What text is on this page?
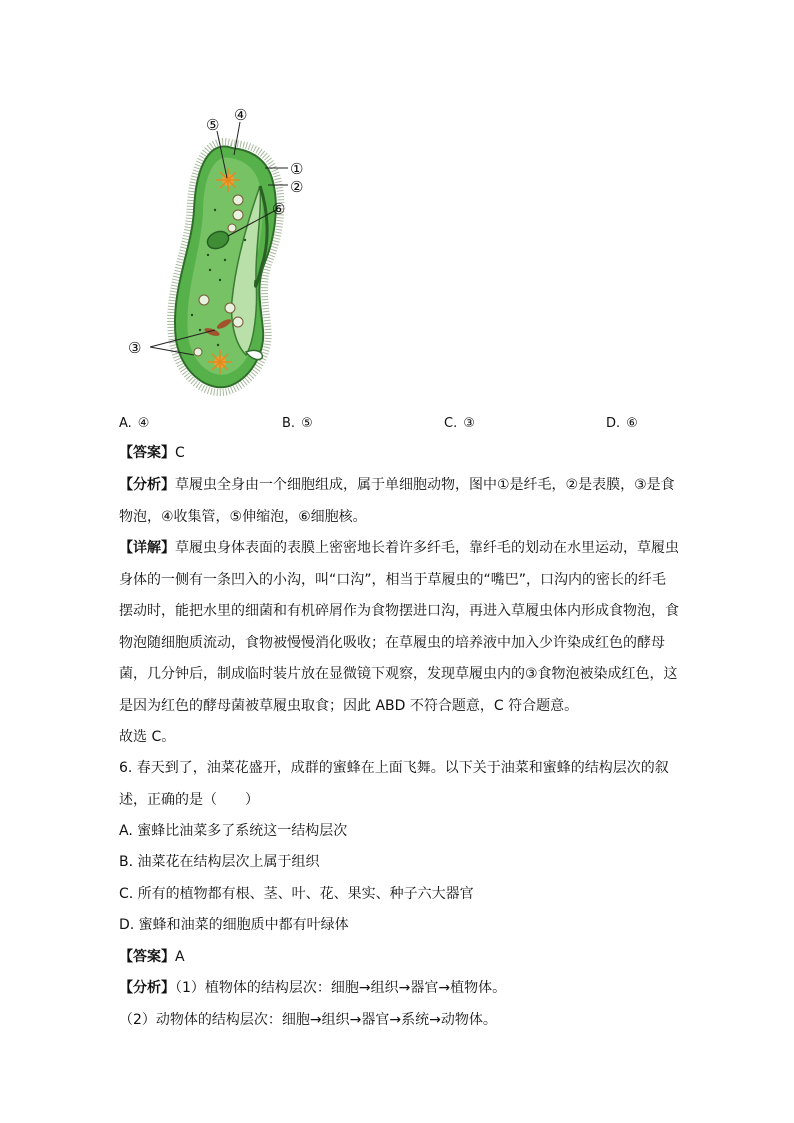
⑤
④
①
②
⑥
③
A. ④	B. ⑤	C. ③	D. ⑥

【答案】C

【分析】草履虫全身由一个细胞组成，属于单细胞动物，图中①是纤毛，②是表膜，③是食物泡，④收集管，⑤伸缩泡，⑥细胞核。

【详解】草履虫身体表面的表膜上密密地长着许多纤毛，靠纤毛的划动在水里运动，草履虫身体的一侧有一条凹入的小沟，叫“口沟”，相当于草履虫的“嘴巴”，口沟内的密长的纤毛摆动时，能把水里的细菌和有机碎屑作为食物摆进口沟，再进入草履虫体内形成食物泡，食物泡随细胞质流动，食物被慢慢消化吸收；在草履虫的培养液中加入少许染成红色的酵母菌，几分钟后，制成临时装片放在显微镜下观察，发现草履虫内的③食物泡被染成红色，这是因为红色的酵母菌被草履虫取食；因此 ABD 不符合题意，C 符合题意。

故选 C。

6. 春天到了，油菜花盛开，成群的蜜蜂在上面飞舞。以下关于油菜和蜜蜂的结构层次的叙述，正确的是（　　）

A. 蜜蜂比油菜多了系统这一结构层次

B. 油菜花在结构层次上属于组织

C. 所有的植物都有根、茎、叶、花、果实、种子六大器官

D. 蜜蜂和油菜的细胞质中都有叶绿体

【答案】A

【分析】（1）植物体的结构层次：细胞→组织→器官→植物体。

（2）动物体的结构层次：细胞→组织→器官→系统→动物体。
